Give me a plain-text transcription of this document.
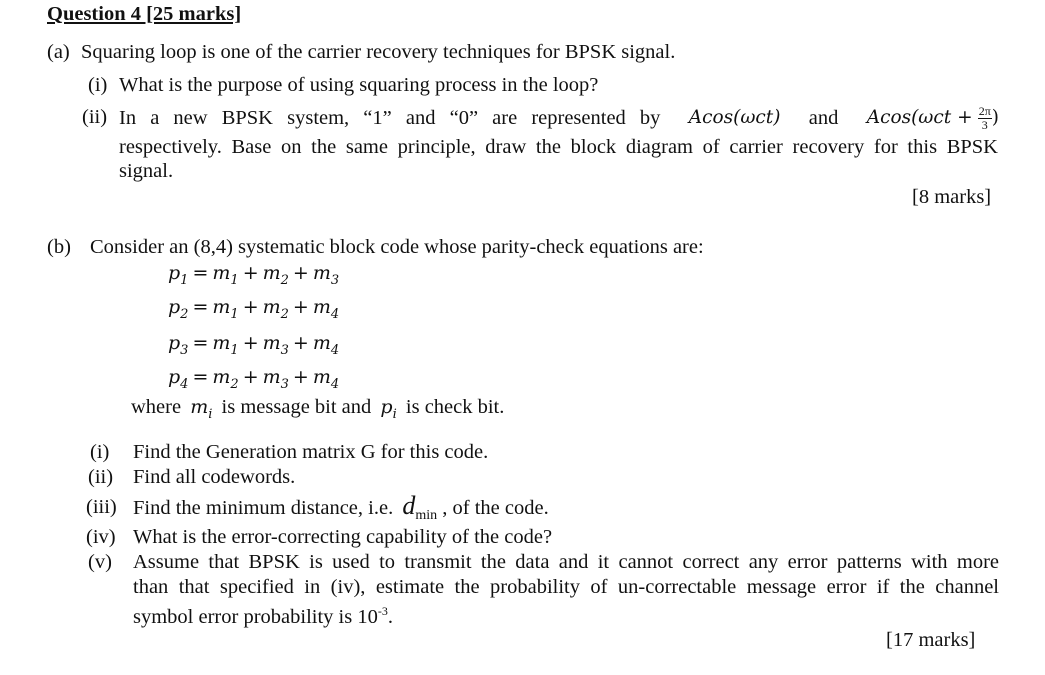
Question 4 [25 marks]
(a) Squaring loop is one of the carrier recovery techniques for BPSK signal.
(i) What is the purpose of using squaring process in the loop?
(ii) In a new BPSK system, “1” and “0” are represented by Acos(ωct) and $Acos(\omega ct + \frac{2\pi}{3}$ )
respectively. Base on the same principle, draw the block diagram of carrier recovery for this BPSK
signal.
[8 marks]
(b) Consider an (8,4) systematic block code whose parity-check equations are:
$p_1 = m_1 + m_2 + m_3$
$p_2 = m_1 + m_2 + m_4$
$p_3 = m_1 + m_3 + m_4$
$p_4 = m_2 + m_3 + m_4$
where $m_i$ is message bit and $p_i$ is check bit.
(i) Find the Generation matrix G for this code.
(ii) Find all codewords.
(iii) Find the minimum distance, i.e. $d_{min}$ , of the code.
(iv) What is the error-correcting capability of the code?
(v) Assume that BPSK is used to transmit the data and it cannot correct any error patterns with more
than that specified in (iv), estimate the probability of un-correctable message error if the channel
symbol error probability is $10^{-3}$.
[17 marks]
